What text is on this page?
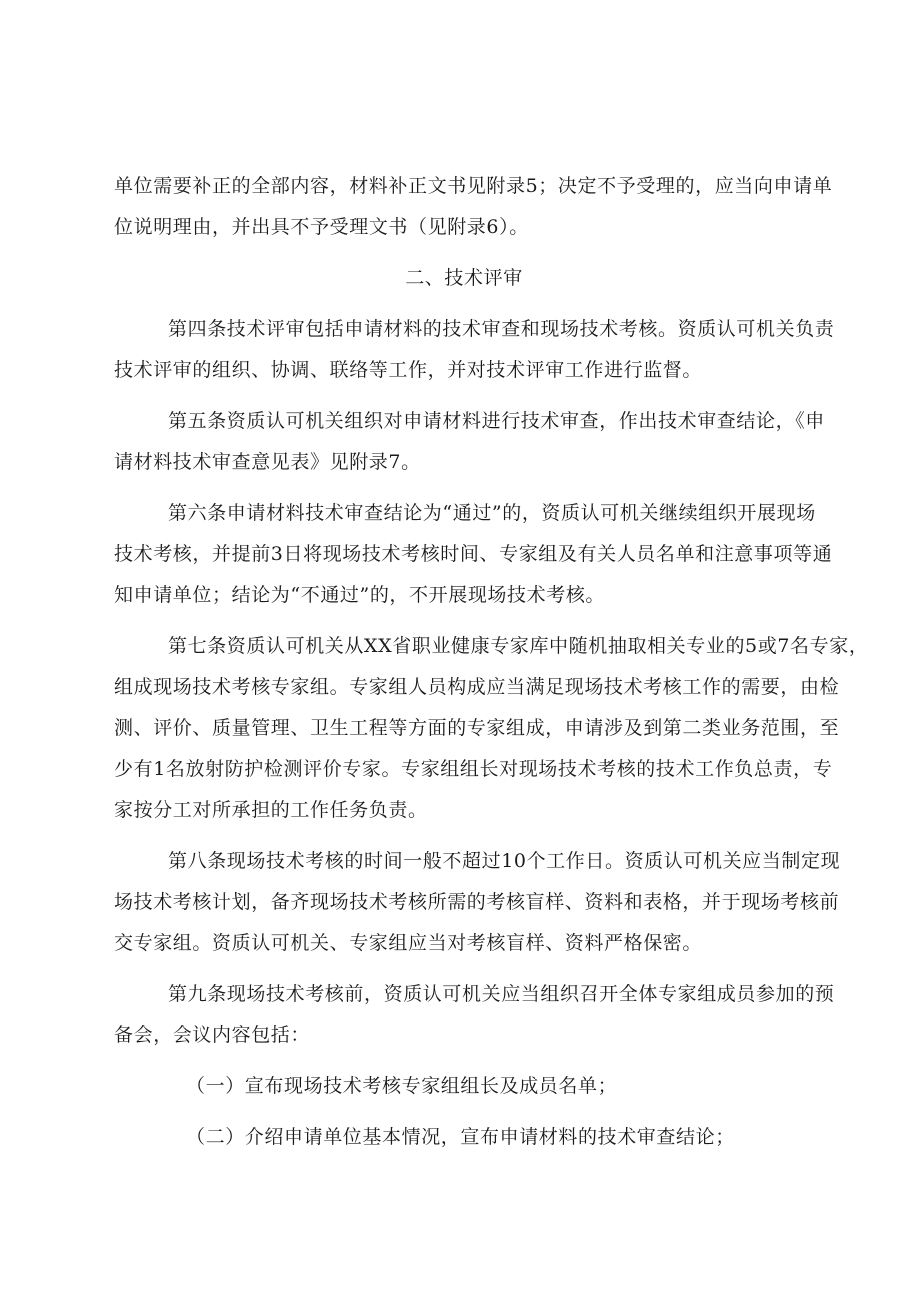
单位需要补正的全部内容，材料补正文书见附录5；决定不予受理的，应当向申请单
位说明理由，并出具不予受理文书（见附录6）。
二、技术评审
第四条技术评审包括申请材料的技术审查和现场技术考核。资质认可机关负责
技术评审的组织、协调、联络等工作，并对技术评审工作进行监督。
第五条资质认可机关组织对申请材料进行技术审查，作出技术审查结论，《申
请材料技术审查意见表》见附录7。
第六条申请材料技术审查结论为“通过”的，资质认可机关继续组织开展现场
技术考核，并提前3日将现场技术考核时间、专家组及有关人员名单和注意事项等通
知申请单位；结论为“不通过”的，不开展现场技术考核。
第七条资质认可机关从XX省职业健康专家库中随机抽取相关专业的5或7名专家，
组成现场技术考核专家组。专家组人员构成应当满足现场技术考核工作的需要，由检
测、评价、质量管理、卫生工程等方面的专家组成，申请涉及到第二类业务范围，至
少有1名放射防护检测评价专家。专家组组长对现场技术考核的技术工作负总责，专
家按分工对所承担的工作任务负责。
第八条现场技术考核的时间一般不超过10个工作日。资质认可机关应当制定现
场技术考核计划，备齐现场技术考核所需的考核盲样、资料和表格，并于现场考核前
交专家组。资质认可机关、专家组应当对考核盲样、资料严格保密。
第九条现场技术考核前，资质认可机关应当组织召开全体专家组成员参加的预
备会，会议内容包括：
（一）宣布现场技术考核专家组组长及成员名单；
（二）介绍申请单位基本情况，宣布申请材料的技术审查结论；
